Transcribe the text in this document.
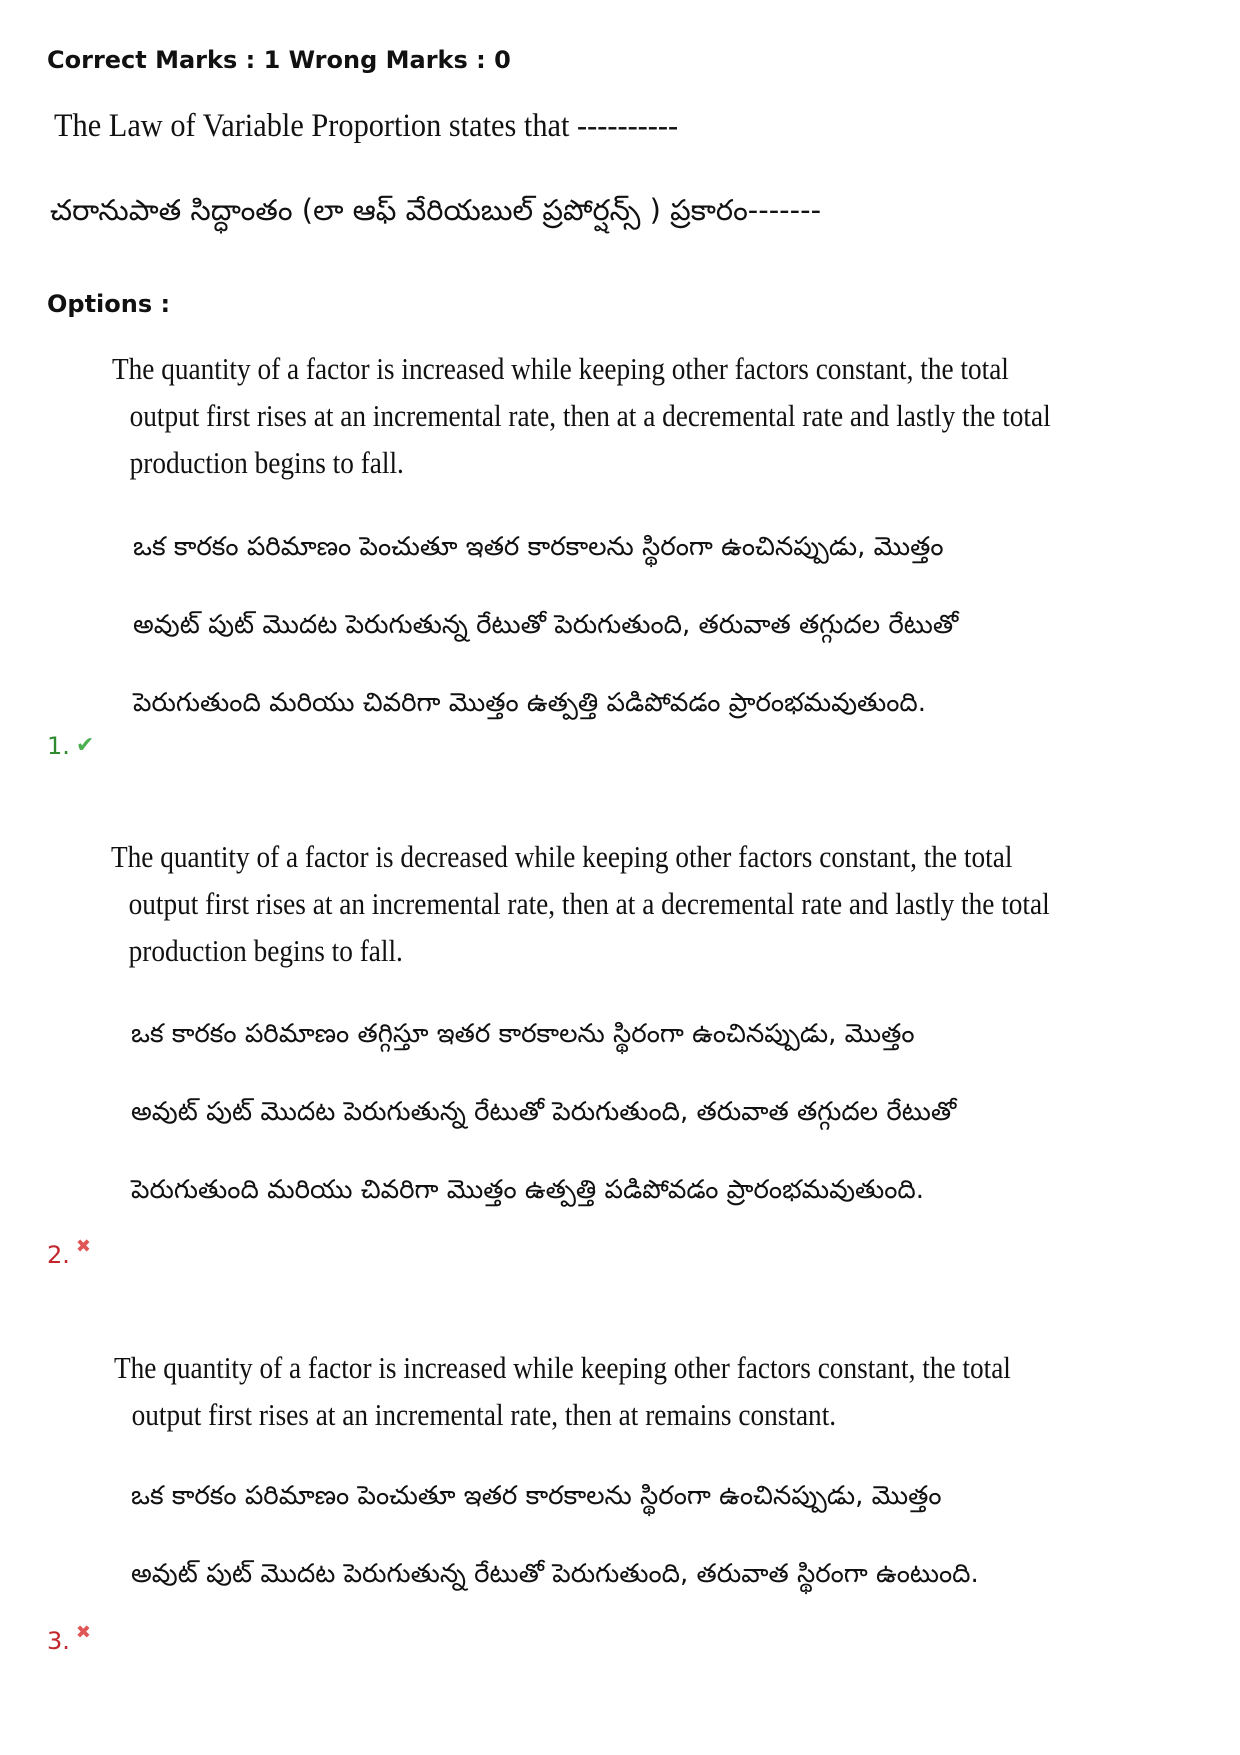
Correct Marks : 1 Wrong Marks : 0
The Law of Variable Proportion states that ----------
చరానుపాత సిద్ధాంతం (లా ఆఫ్ వేరియబుల్ ప్రపోర్షన్స్ ) ప్రకారం-------
Options :
The quantity of a factor is increased while keeping other factors constant, the total
output first rises at an incremental rate, then at a decremental rate and lastly the total
production begins to fall.
ఒక కారకం పరిమాణం పెంచుతూ ఇతర కారకాలను స్థిరంగా ఉంచినప్పుడు, మొత్తం
అవుట్ పుట్ మొదట పెరుగుతున్న రేటుతో పెరుగుతుంది, తరువాత తగ్గుదల రేటుతో
పెరుగుతుంది మరియు చివరిగా మొత్తం ఉత్పత్తి పడిపోవడం ప్రారంభమవుతుంది.
1. ✔
The quantity of a factor is decreased while keeping other factors constant, the total
output first rises at an incremental rate, then at a decremental rate and lastly the total
production begins to fall.
ఒక కారకం పరిమాణం తగ్గిస్తూ ఇతర కారకాలను స్థిరంగా ఉంచినప్పుడు, మొత్తం
అవుట్ పుట్ మొదట పెరుగుతున్న రేటుతో పెరుగుతుంది, తరువాత తగ్గుదల రేటుతో
పెరుగుతుంది మరియు చివరిగా మొత్తం ఉత్పత్తి పడిపోవడం ప్రారంభమవుతుంది.
2. ✖
The quantity of a factor is increased while keeping other factors constant, the total
output first rises at an incremental rate, then at remains constant.
ఒక కారకం పరిమాణం పెంచుతూ ఇతర కారకాలను స్థిరంగా ఉంచినప్పుడు, మొత్తం
అవుట్ పుట్ మొదట పెరుగుతున్న రేటుతో పెరుగుతుంది, తరువాత స్థిరంగా ఉంటుంది.
3. ✖
